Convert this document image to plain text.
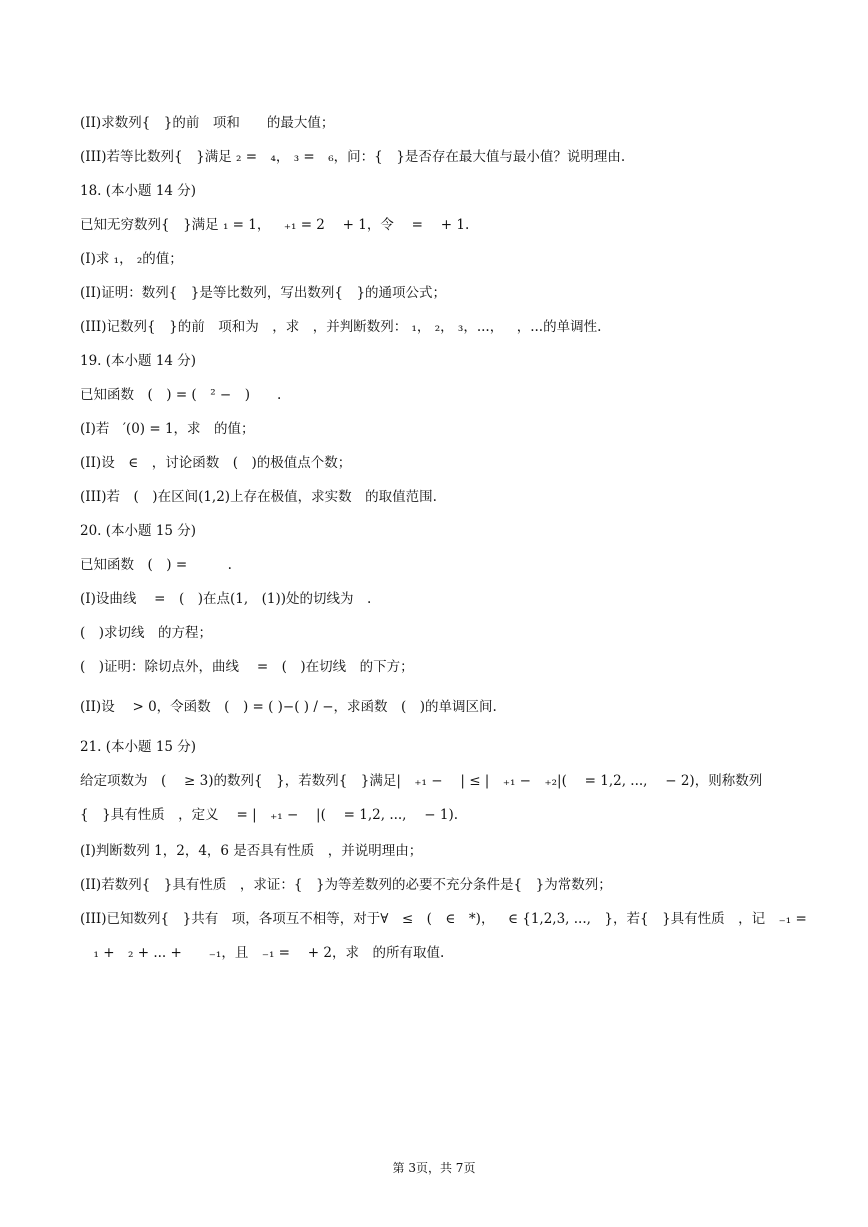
(II)求数列{ }的前 项和  的最大值；
(III)若等比数列{ }满足 ₂ = ₄， ₃ = ₆，问：{ }是否存在最大值与最小值？说明理由.
18. (本小题 14 分)
已知无穷数列{ }满足 ₁ = 1， ₊₁ = 2  + 1，令  =  + 1.
(I)求 ₁， ₂的值；
(II)证明：数列{ }是等比数列，写出数列{ }的通项公式；
(III)记数列{ }的前 项和为 ，求 ，并判断数列： ₁， ₂， ₃，...， ，...的单调性.
19. (本小题 14 分)
已知函数 ( ) = ( ² − )  .
(I)若 ′(0) = 1，求 的值；
(II)设 ∈ ，讨论函数 ( )的极值点个数；
(III)若 ( )在区间(1,2)上存在极值，求实数 的取值范围.
20. (本小题 15 分)
已知函数 ( ) =   .
(I)设曲线  = ( )在点(1, (1))处的切线为 .
( )求切线 的方程；
( )证明：除切点外，曲线  = ( )在切线 的下方；
(II)设  > 0，令函数 ( ) = ( )−( ) / −，求函数 ( )的单调区间.
21. (本小题 15 分)
给定项数为 (  ≥ 3)的数列{ }，若数列{ }满足| ₊₁ −  | ≤ | ₊₁ − ₊₂|(  = 1,2, ...,  − 2)，则称数列
{ }具有性质 ，定义  = | ₊₁ −  |(  = 1,2, ...,  − 1).
(I)判断数列 1，2，4，6 是否具有性质 ，并说明理由；
(II)若数列{ }具有性质 ，求证：{ }为等差数列的必要不充分条件是{ }为常数列；
(III)已知数列{ }共有 项，各项互不相等，对于∀ ≤ ( ∈ *)， ∈ {1,2,3, ..., }，若{ }具有性质 ，记 ₋₁ =
 ₁ + ₂ + ... +  ₋₁，且 ₋₁ =  + 2，求 的所有取值.
第 3页，共 7页
